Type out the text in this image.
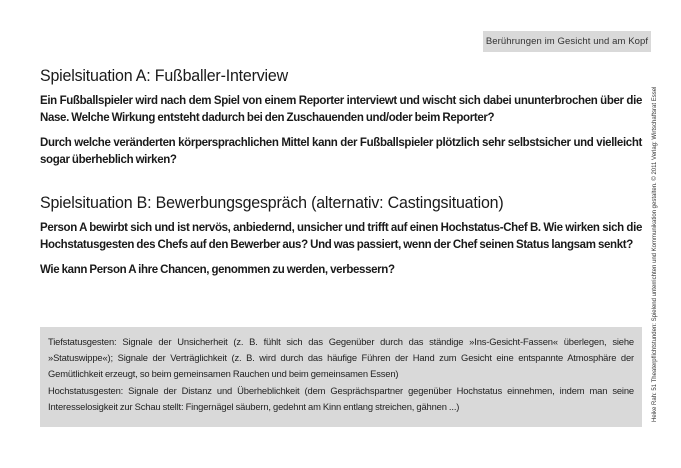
Berührungen im Gesicht und am Kopf
Heike Rah: 51 Theaterpflichtstunden: Spielend unterrichten und Kommunikation gestalten. © 2011 Verlag: Wirtschaftsrat Essel
Spielsituation A: Fußballer-Interview

Ein Fußballspieler wird nach dem Spiel von einem Reporter interviewt und wischt sich dabei ununterbrochen über die Nase. Welche Wirkung entsteht dadurch bei den Zuschauenden und/oder beim Reporter?

Durch welche veränderten körpersprachlichen Mittel kann der Fußballspieler plötzlich sehr selbstsicher und vielleicht sogar überheblich wirken?

Spielsituation B: Bewerbungsgespräch (alternativ: Castingsituation)

Person A bewirbt sich und ist nervös, anbiedernd, unsicher und trifft auf einen Hochstatus-Chef B. Wie wirken sich die Hochstatusgesten des Chefs auf den Bewerber aus? Und was passiert, wenn der Chef seinen Status langsam senkt?

Wie kann Person A ihre Chancen, genommen zu werden, verbessern?

Tiefstatusgesten: Signale der Unsicherheit (z. B. fühlt sich das Gegenüber durch das ständige »Ins-Gesicht-Fassen« überlegen, siehe »Statuswippe«); Signale der Verträglichkeit (z. B. wird durch das häufige Führen der Hand zum Gesicht eine entspannte Atmosphäre der Gemütlichkeit erzeugt, so beim gemeinsamen Rauchen und beim gemeinsamen Essen)

Hochstatusgesten: Signale der Distanz und Überheblichkeit (dem Gesprächspartner gegenüber Hochstatus einnehmen, indem man seine Interesselosigkeit zur Schau stellt: Fingernägel säubern, gedehnt am Kinn entlang streichen, gähnen ...)
